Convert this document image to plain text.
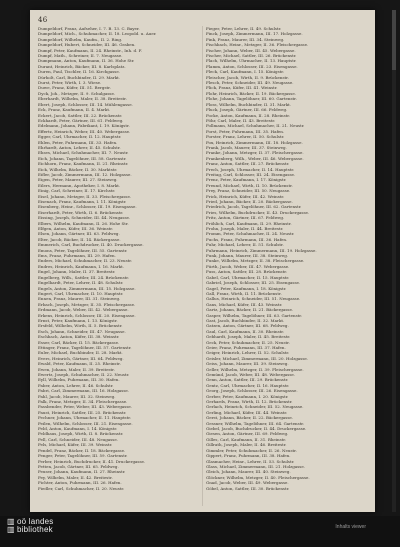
46
Dumpeldorf, Franz, Aufseher, I. 7. B. 13. C. Bayer.
Dumpeldorf, Mich., Schuhmacher, II. 18. Leopold. u. Auer.
Dumpeldorf, Wilhelm, Kaufm., II. 2. Ring.
Dumpeldorf, Hubert, Schneider, III. 46. Graben.
Dumpf, Peter, Kaufmann, II. 24. Rheinstr., Inh. d. F.
Dumpf, Math., Schreiner, II. 7. Neugasse.
Dumpmann, Anton, Kaufmann, II. 36. Hohe Str.
Durant, Heinrich, Bäcker, III. 8. Karlsplatz.
Duren, Paul, Tischler, II. 16. Kirchgasse.
Dürholt, Carl, Buchbinder, II. 29. Markt.
Durst, Peter, Wirth, I. 3. Wiese.
Duwe, Franz, Küfer, III. 51. Bergstr.
Dyck, Joh., Metzger, II. 9. Schulgasse.
Eberhardt, Wilhelm, Maler, II. 38. Breitestr.
Ebert, Joseph, Schlosser, III. 14. Mühlengasse.
Eck, Franz, Kaufmann, II. 4. Markt.
Eckert, Jacob, Sattler, III. 22. Brückenstr.
Eckhardt, Peter, Gärtner, III. 61. Feldweg.
Edelmann, Johann, Fabrikant, I. 19. Königstr.
Effertz, Heinrich, Weber, III. 40. Webergasse.
Egger, Carl, Uhrmacher, II. 12. Hauptstr.
Ehlen, Peter, Fuhrmann, III. 33. Hafen.
Ehrhardt, Anton, Lehrer, II. 45. Schulstr.
Ehses, Michael, Schuhmacher, III. 7. Neustr.
Eich, Johann, Tagelöhner, III. 58. Gartenstr.
Eichhorn, Franz, Kaufmann, II. 21. Rheinstr.
Eick, Wilhelm, Bäcker, II. 30. Marktstr.
Eifler, Jacob, Zimmermann, III. 12. Holzgasse.
Eigen, Peter, Maurer, III. 27. Steinweg.
Eilers, Hermann, Apotheker, I. 8. Markt.
Einig, Carl, Schreiner, II. 17. Kirchstr.
Eisel, Johann, Metzger, II. 33. Fleischergasse.
Eisenach, Franz, Kaufmann, I. 11. Königstr.
Eisenberg, Heinr., Schlosser, III. 19. Eisengasse.
Eiserhardt, Peter, Wirth, II. 6. Brückenstr.
Eissing, Joseph, Schneider, III. 44. Neugasse.
Elbers, Wilhelm, Kaufmann, II. 26. Hohe Str.
Elfgen, Anton, Küfer, III. 36. Weinstr.
Elsen, Johann, Gärtner, III. 63. Feldweg.
Elter, Jacob, Bäcker, II. 14. Bäckergasse.
Emmerich, Carl, Buchdrucker, II. 40. Druckergasse.
Emons, Peter, Tagelöhner, III. 55. Gartenstr.
Ems, Franz, Fuhrmann, III. 29. Hafen.
Enders, Michael, Schuhmacher, II. 23. Neustr.
Endres, Heinrich, Kaufmann, I. 16. Markt.
Engel, Johann, Maler, II. 37. Breitestr.
Engelberg, Wilh., Sattler, III. 24. Brückenstr.
Engelhardt, Peter, Lehrer, II. 48. Schulstr.
Engels, Anton, Zimmermann, III. 15. Holzgasse.
Engert, Carl, Uhrmacher, II. 10. Hauptstr.
Ennen, Franz, Maurer, III. 31. Steinweg.
Erbach, Joseph, Metzger, II. 35. Fleischergasse.
Erdmann, Jacob, Weber, III. 42. Webergasse.
Erkens, Heinrich, Schlosser, III. 20. Eisengasse.
Ernst, Peter, Kaufmann, I. 13. Königstr.
Ersfeld, Wilhelm, Wirth, II. 5. Brückenstr.
Esch, Johann, Schneider, III. 47. Neugasse.
Eschbach, Anton, Küfer, III. 38. Weinstr.
Esser, Carl, Bäcker, II. 15. Bäckergasse.
Ettinger, Franz, Tagelöhner, III. 57. Gartenstr.
Euler, Michael, Buchbinder, II. 28. Markt.
Evers, Heinrich, Gärtner, III. 64. Feldweg.
Ewald, Peter, Kaufmann, II. 25. Rheinstr.
Ewen, Johann, Maler, II. 39. Breitestr.
Ewertz, Joseph, Schuhmacher, II. 22. Neustr.
Eyll, Wilhelm, Fuhrmann, III. 30. Hafen.
Faber, Anton, Lehrer, II. 46. Schulstr.
Fabri, Carl, Zimmermann, III. 16. Holzgasse.
Fahl, Jacob, Maurer, III. 32. Steinweg.
Falk, Franz, Metzger, II. 34. Fleischergasse.
Fassbender, Peter, Weber, III. 43. Webergasse.
Faust, Heinrich, Sattler, III. 25. Brückenstr.
Fechner, Johann, Uhrmacher, II. 11. Hauptstr.
Feilen, Wilhelm, Schlosser, III. 21. Eisengasse.
Feld, Anton, Kaufmann, I. 14. Königstr.
Feldhaus, Joseph, Wirth, II. 8. Brückenstr.
Fell, Carl, Schneider, III. 48. Neugasse.
Fels, Michael, Küfer, III. 39. Weinstr.
Fendel, Franz, Bäcker, II. 18. Bäckergasse.
Fenger, Peter, Tagelöhner, III. 59. Gartenstr.
Ferber, Heinrich, Buchdrucker, II. 41. Druckergasse.
Fetten, Jacob, Gärtner, III. 65. Feldweg.
Feuser, Johann, Kaufmann, II. 27. Rheinstr.
Fey, Wilhelm, Maler, II. 42. Breitestr.
Fichter, Anton, Fuhrmann, III. 26. Hafen.
Fiedler, Carl, Schuhmacher, II. 20. Neustr.
Fieger, Peter, Lehrer, II. 49. Schulstr.
Finck, Joseph, Zimmermann, III. 17. Holzgasse.
Fink, Franz, Maurer, III. 34. Steinweg.
Fischbach, Heinr., Metzger, II. 36. Fleischergasse.
Fischer, Johann, Weber, III. 45. Webergasse.
Fischer, Michael, Sattler, III. 26. Brückenstr.
Flach, Wilhelm, Uhrmacher, II. 13. Hauptstr.
Flamm, Anton, Schlosser, III. 23. Eisengasse.
Fleck, Carl, Kaufmann, I. 15. Königstr.
Fleischer, Jacob, Wirth, II. 9. Brückenstr.
Flesch, Peter, Schneider, III. 49. Neugasse.
Flick, Franz, Küfer, III. 41. Weinstr.
Flohr, Heinrich, Bäcker, II. 19. Bäckergasse.
Flohe, Johann, Tagelöhner, III. 60. Gartenstr.
Floss, Wilhelm, Buchbinder, II. 31. Markt.
Fluck, Joseph, Gärtner, III. 66. Feldweg.
Focke, Anton, Kaufmann, II. 28. Rheinstr.
Föhr, Carl, Maler, II. 43. Breitestr.
Follmann, Michael, Schuhmacher, II. 21. Neustr.
Forst, Peter, Fuhrmann, III. 35. Hafen.
Forster, Franz, Lehrer, II. 50. Schulstr.
Fox, Heinrich, Zimmermann, III. 18. Holzgasse.
Frank, Jacob, Maurer, III. 37. Steinweg.
Franke, Johann, Metzger, II. 37. Fleischergasse.
Frankenberg, Wilh., Weber, III. 46. Webergasse.
Franz, Anton, Sattler, III. 27. Brückenstr.
Frech, Joseph, Uhrmacher, II. 14. Hauptstr.
Freitag, Carl, Schlosser, III. 24. Eisengasse.
Frenz, Peter, Kaufmann, I. 17. Königstr.
Freund, Michael, Wirth, II. 10. Brückenstr.
Frey, Franz, Schneider, III. 50. Neugasse.
Frick, Heinrich, Küfer, III. 42. Weinstr.
Fried, Johann, Bäcker, II. 20. Bäckergasse.
Friedrich, Jacob, Tagelöhner, III. 62. Gartenstr.
Fries, Wilhelm, Buchdrucker, II. 43. Druckergasse.
Fritz, Anton, Gärtner, III. 67. Feldweg.
Fröhlich, Carl, Kaufmann, II. 29. Rheinstr.
Frohn, Joseph, Maler, II. 44. Breitestr.
Fromm, Peter, Schuhmacher, II. 24. Neustr.
Fuchs, Franz, Fuhrmann, III. 36. Hafen.
Fuhr, Michael, Lehrer, II. 51. Schulstr.
Fuhrmann, Heinrich, Zimmermann, III. 19. Holzgasse.
Funk, Johann, Maurer, III. 38. Steinweg.
Funke, Wilhelm, Metzger, II. 38. Fleischergasse.
Fürth, Jacob, Weber, III. 47. Webergasse.
Fuss, Anton, Sattler, III. 28. Brückenstr.
Gabel, Carl, Uhrmacher, II. 15. Hauptstr.
Gabriel, Joseph, Schlosser, III. 25. Eisengasse.
Gagel, Peter, Kaufmann, I. 18. Königstr.
Gall, Franz, Wirth, II. 11. Brückenstr.
Gallus, Heinrich, Schneider, III. 51. Neugasse.
Gans, Michael, Küfer, III. 43. Weinstr.
Gartz, Johann, Bäcker, II. 21. Bäckergasse.
Gasper, Wilhelm, Tagelöhner, III. 63. Gartenstr.
Gast, Jacob, Buchbinder, II. 32. Markt.
Gatzen, Anton, Gärtner, III. 68. Feldweg.
Gaul, Carl, Kaufmann, II. 30. Rheinstr.
Gebhardt, Joseph, Maler, II. 45. Breitestr.
Geck, Peter, Schuhmacher, II. 25. Neustr.
Geier, Franz, Fuhrmann, III. 37. Hafen.
Geiger, Heinrich, Lehrer, II. 52. Schulstr.
Geisler, Michael, Zimmermann, III. 20. Holzgasse.
Geiss, Johann, Maurer, III. 39. Steinweg.
Geller, Wilhelm, Metzger, II. 39. Fleischergasse.
Gemünd, Jacob, Weber, III. 48. Webergasse.
Genn, Anton, Sattler, III. 29. Brückenstr.
Gentz, Carl, Uhrmacher, II. 16. Hauptstr.
Georg, Joseph, Schlosser, III. 26. Eisengasse.
Gerber, Peter, Kaufmann, I. 20. Königstr.
Gerhards, Franz, Wirth, II. 12. Brückenstr.
Gerlach, Heinrich, Schneider, III. 52. Neugasse.
Gerling, Michael, Küfer, III. 44. Weinstr.
Gerst, Johann, Bäcker, II. 22. Bäckergasse.
Gessner, Wilhelm, Tagelöhner, III. 64. Gartenstr.
Giebel, Jacob, Buchdrucker, II. 44. Druckergasse.
Giesen, Anton, Gärtner, III. 69. Feldweg.
Gilles, Carl, Kaufmann, II. 31. Rheinstr.
Gillrath, Joseph, Maler, II. 46. Breitestr.
Gimmler, Peter, Schuhmacher, II. 26. Neustr.
Gippert, Franz, Fuhrmann, III. 38. Hafen.
Glasmacher, Heinr., Lehrer, II. 53. Schulstr.
Glass, Michael, Zimmermann, III. 21. Holzgasse.
Gleich, Johann, Maurer, III. 40. Steinweg.
Glöckner, Wilhelm, Metzger, II. 40. Fleischergasse.
Gnad, Jacob, Weber, III. 49. Webergasse.
Göbel, Anton, Sattler, III. 30. Brückenstr.
▥ oö landes
▥ bibliothek	Inhalts viewer
